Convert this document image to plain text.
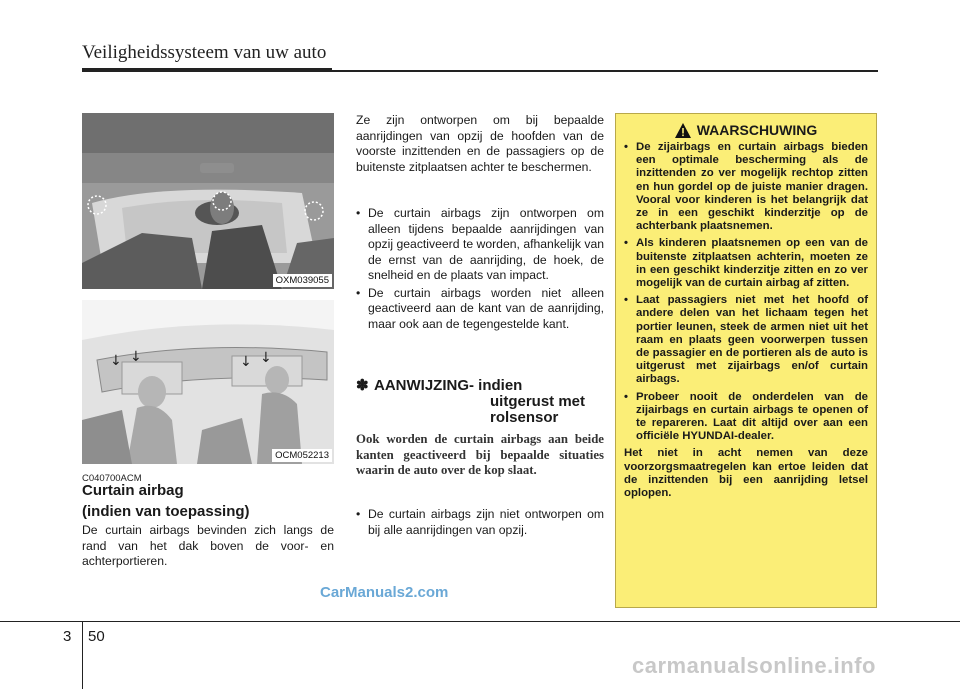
Veiligheidssysteem van uw auto
OXM039055
↓ ↓	↓ ↓
OCM052213
C040700ACM
Curtain airbag
(indien van toepassing)
De curtain airbags bevinden zich langs de rand van het dak boven de voor- en achterportieren.
Ze zijn ontworpen om bij bepaalde aanrijdingen van opzij de hoofden van de voorste inzittenden en de passagiers op de buitenste zitplaatsen achter te beschermen.
• De curtain airbags zijn ontworpen om alleen tijdens bepaalde aanrijdingen van opzij geactiveerd te worden, afhankelijk van de ernst van de aanrijding, de hoek, de snelheid en de plaats van impact.
• De curtain airbags worden niet alleen geactiveerd aan de kant van de aanrijding, maar ook aan de tegengestelde kant.
✽ AANWIJZING- indien
uitgerust met
rolsensor
Ook worden de curtain airbags aan beide kanten geactiveerd bij bepaalde situaties waarin de auto over de kop slaat.
• De curtain airbags zijn niet ontworpen om bij alle aanrijdingen van opzij.
WAARSCHUWING
• De zijairbags en curtain airbags bieden een optimale bescherming als de inzittenden zo ver mogelijk rechtop zitten en hun gordel op de juiste manier dragen. Vooral voor kinderen is het belangrijk dat ze in een geschikt kinderzitje op de achterbank plaatsnemen.
• Als kinderen plaatsnemen op een van de buitenste zitplaatsen achterin, moeten ze in een geschikt kinderzitje zitten en zo ver mogelijk van de curtain airbag af zitten.
• Laat passagiers niet met het hoofd of andere delen van het lichaam tegen het portier leunen, steek de armen niet uit het raam en plaats geen voorwerpen tussen de passagier en de portieren als de auto is uitgerust met zijairbags en/of curtain airbags.
• Probeer nooit de onderdelen van de zijairbags en curtain airbags te openen of te repareren. Laat dit altijd over aan een officiële HYUNDAI-dealer.
Het niet in acht nemen van deze voorzorgsmaatregelen kan ertoe leiden dat de inzittenden bij een aanrijding letsel oplopen.
CarManuals2.com
carmanualsonline.info
3 50
